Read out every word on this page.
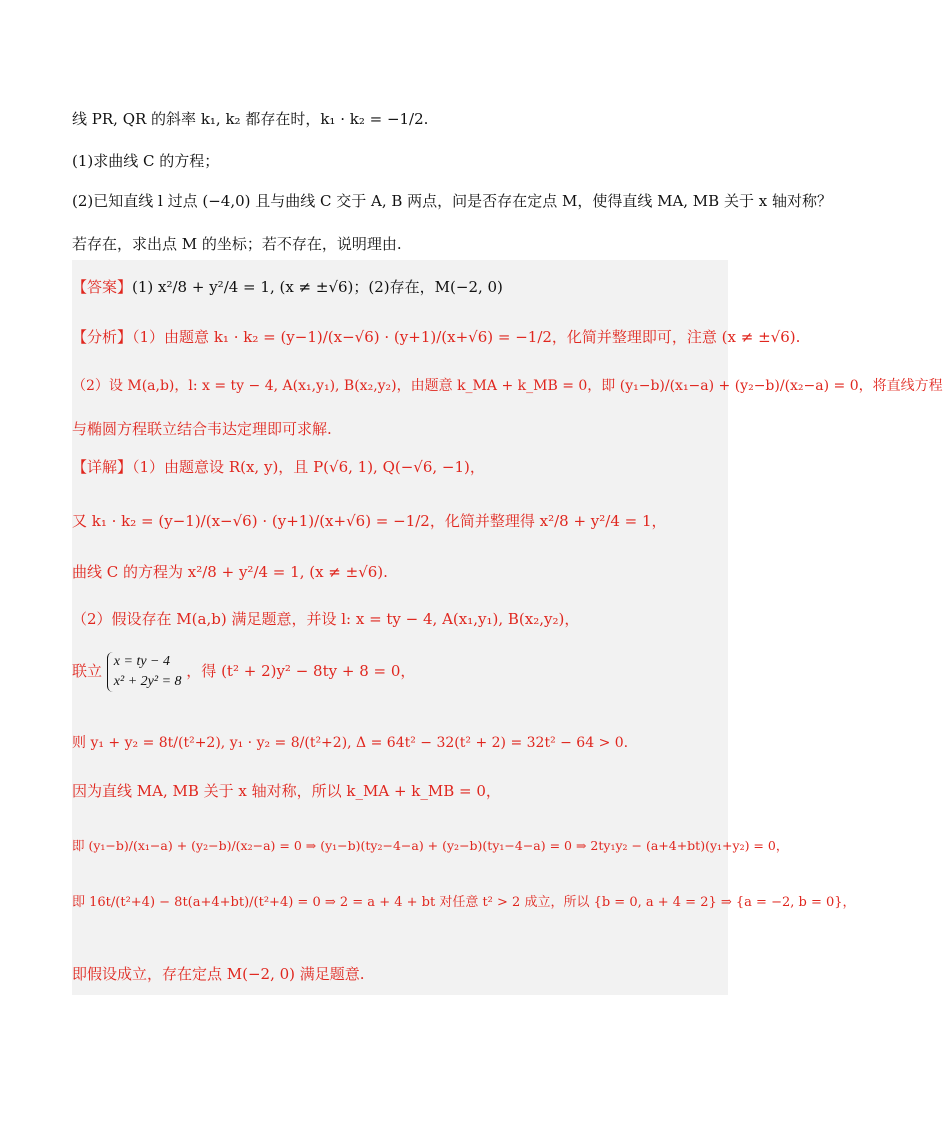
线 PR, QR 的斜率 k₁, k₂ 都存在时，k₁ · k₂ = −1/2.
(1)求曲线 C 的方程；
(2)已知直线 l 过点 (−4,0) 且与曲线 C 交于 A, B 两点，问是否存在定点 M，使得直线 MA, MB 关于 x 轴对称？
若存在，求出点 M 的坐标；若不存在，说明理由.
【答案】(1) x²/8 + y²/4 = 1, (x ≠ ±√6)；(2)存在，M(−2, 0)
【分析】（1）由题意 k₁ · k₂ = (y−1)/(x−√6) · (y+1)/(x+√6) = −1/2，化简并整理即可，注意 (x ≠ ±√6).
（2）设 M(a,b)，l: x = ty − 4, A(x₁,y₁), B(x₂,y₂)，由题意 k_MA + k_MB = 0，即 (y₁−b)/(x₁−a) + (y₂−b)/(x₂−a) = 0，将直线方程
与椭圆方程联立结合韦达定理即可求解.
【详解】（1）由题意设 R(x, y)，且 P(√6, 1), Q(−√6, −1)，
又 k₁ · k₂ = (y−1)/(x−√6) · (y+1)/(x+√6) = −1/2，化简并整理得 x²/8 + y²/4 = 1，
曲线 C 的方程为 x²/8 + y²/4 = 1, (x ≠ ±√6).
（2）假设存在 M(a,b) 满足题意，并设 l: x = ty − 4, A(x₁,y₁), B(x₂,y₂)，
联立
x = ty − 4
x² + 2y² = 8
，得 (t² + 2)y² − 8ty + 8 = 0，
则 y₁ + y₂ = 8t/(t²+2), y₁ · y₂ = 8/(t²+2), Δ = 64t² − 32(t² + 2) = 32t² − 64 > 0.
因为直线 MA, MB 关于 x 轴对称，所以 k_MA + k_MB = 0，
即 (y₁−b)/(x₁−a) + (y₂−b)/(x₂−a) = 0 ⇒ (y₁−b)(ty₂−4−a) + (y₂−b)(ty₁−4−a) = 0 ⇒ 2ty₁y₂ − (a+4+bt)(y₁+y₂) = 0，
即 16t/(t²+4) − 8t(a+4+bt)/(t²+4) = 0 ⇒ 2 = a + 4 + bt 对任意 t² > 2 成立，所以 {b = 0, a + 4 = 2} ⇒ {a = −2, b = 0}，
即假设成立，存在定点 M(−2, 0) 满足题意.
